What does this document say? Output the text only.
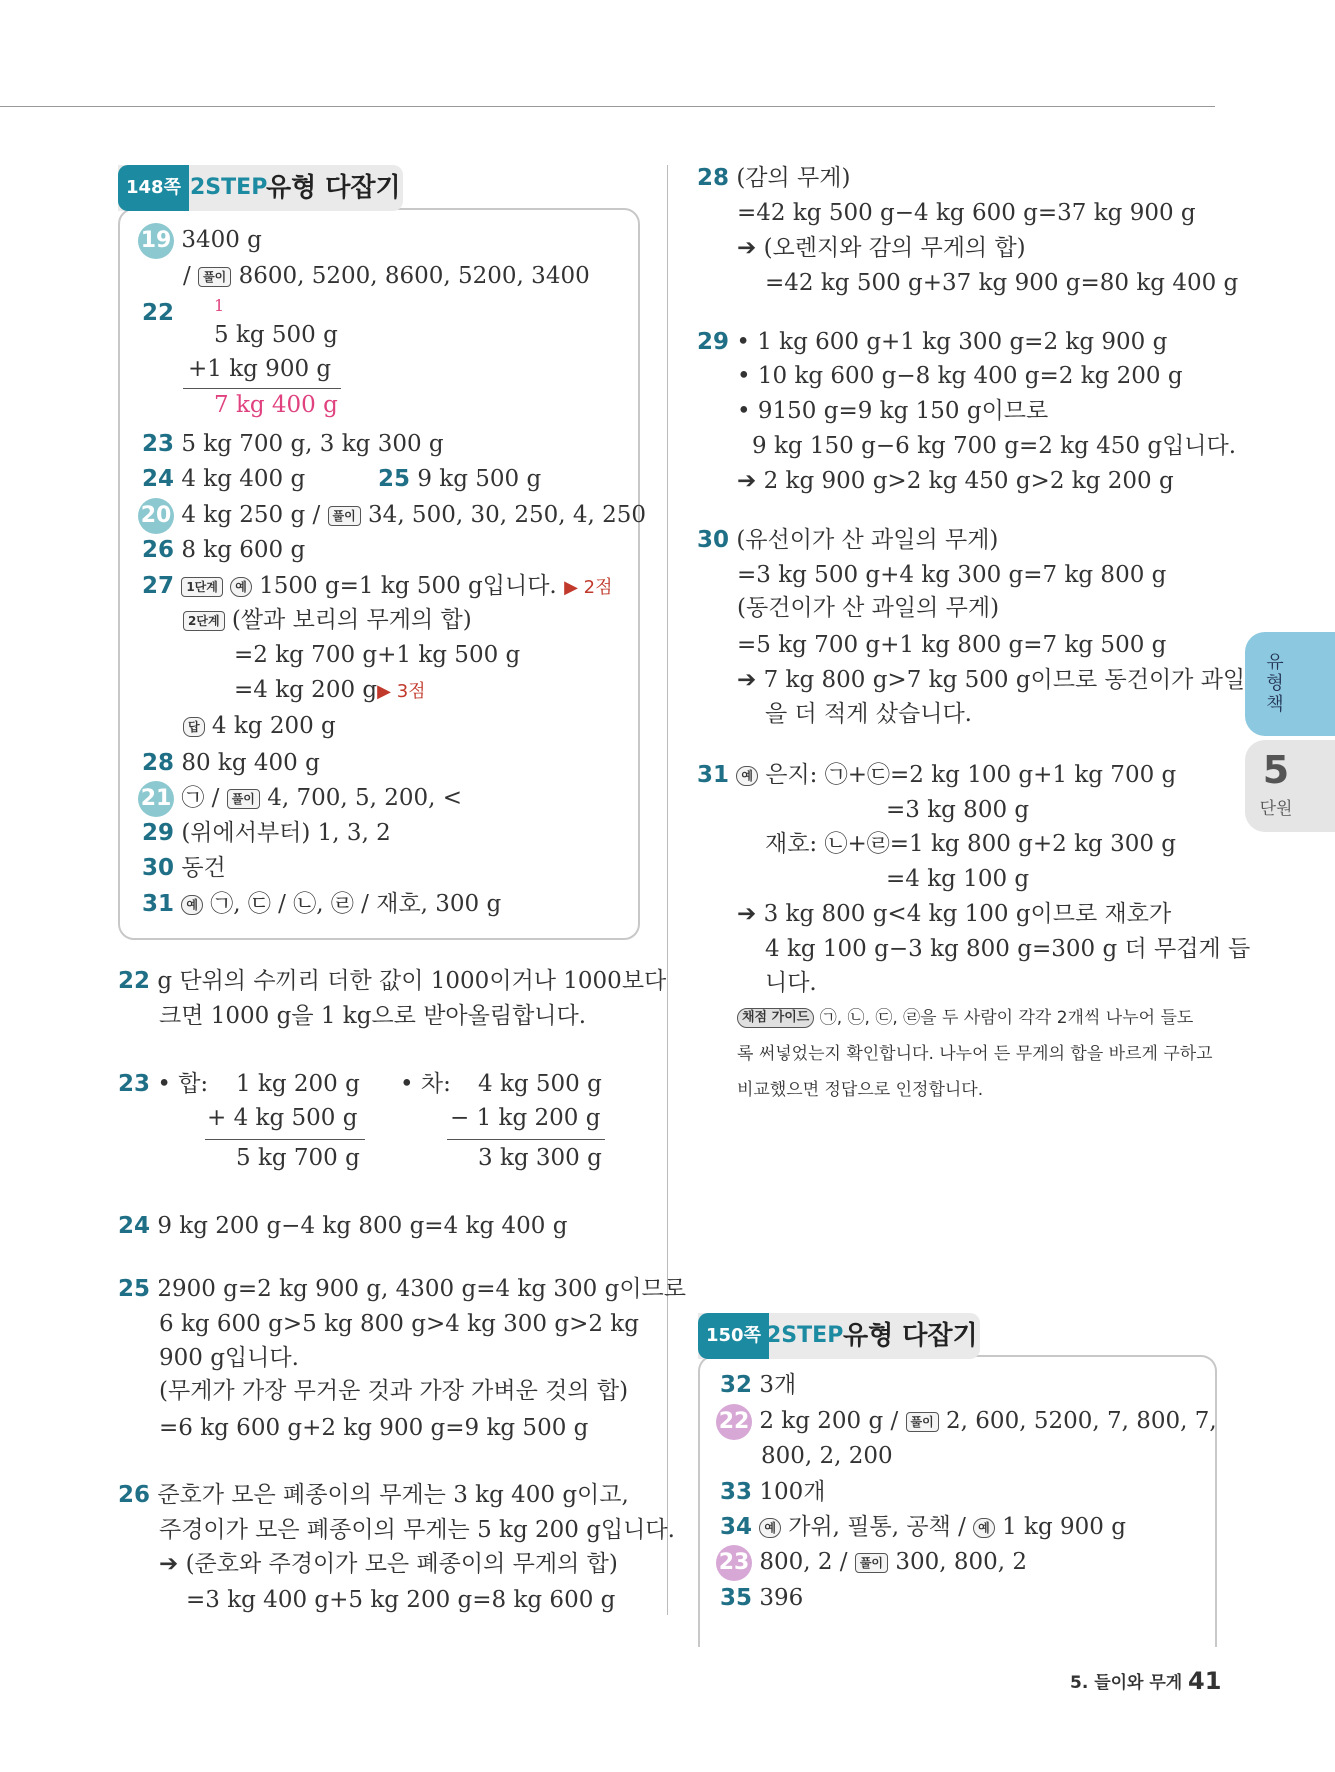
148쪽 2STEP
유형 다잡기
19 3400 g
/ 풀이 8600, 5200, 8600, 5200, 3400
22 1
5 kg 500 g
+1 kg 900 g
7 kg 400 g
23 5 kg 700 g, 3 kg 300 g
24 4 kg 400 g	25 9 kg 500 g
20 4 kg 250 g / 풀이 34, 500, 30, 250, 4, 250
26 8 kg 600 g
27 1단계 예 1500 g=1 kg 500 g입니다. ▶ 2점
2단계 (쌀과 보리의 무게의 합)
=2 kg 700 g+1 kg 500 g
=4 kg 200 g▶ 3점
답 4 kg 200 g
28 80 kg 400 g
21 ㉠ / 풀이 4, 700, 5, 200, <
29 (위에서부터) 1, 3, 2
30 동건
31 예 ㉠, ㉢ / ㉡, ㉣ / 재호, 300 g
22 g 단위의 수끼리 더한 값이 1000이거나 1000보다
크면 1000 g을 1 kg으로 받아올림합니다.
23 • 합: 1 kg 200 g
+ 4 kg 500 g
5 kg 700 g
• 차: 4 kg 500 g
− 1 kg 200 g
3 kg 300 g
24 9 kg 200 g−4 kg 800 g=4 kg 400 g
25 2900 g=2 kg 900 g, 4300 g=4 kg 300 g이므로
6 kg 600 g>5 kg 800 g>4 kg 300 g>2 kg
900 g입니다.
(무게가 가장 무거운 것과 가장 가벼운 것의 합)
=6 kg 600 g+2 kg 900 g=9 kg 500 g
26 준호가 모은 폐종이의 무게는 3 kg 400 g이고,
주경이가 모은 폐종이의 무게는 5 kg 200 g입니다.
➔ (준호와 주경이가 모은 폐종이의 무게의 합)
=3 kg 400 g+5 kg 200 g=8 kg 600 g
28 (감의 무게)
=42 kg 500 g−4 kg 600 g=37 kg 900 g
➔ (오렌지와 감의 무게의 합)
=42 kg 500 g+37 kg 900 g=80 kg 400 g
29 • 1 kg 600 g+1 kg 300 g=2 kg 900 g
• 10 kg 600 g−8 kg 400 g=2 kg 200 g
• 9150 g=9 kg 150 g이므로
9 kg 150 g−6 kg 700 g=2 kg 450 g입니다.
➔ 2 kg 900 g>2 kg 450 g>2 kg 200 g
30 (유선이가 산 과일의 무게)
=3 kg 500 g+4 kg 300 g=7 kg 800 g
(동건이가 산 과일의 무게)
=5 kg 700 g+1 kg 800 g=7 kg 500 g
➔ 7 kg 800 g>7 kg 500 g이므로 동건이가 과일
을 더 적게 샀습니다.
31 예 은지: ㉠+㉢=2 kg 100 g+1 kg 700 g
=3 kg 800 g
재호: ㉡+㉣=1 kg 800 g+2 kg 300 g
=4 kg 100 g
➔ 3 kg 800 g<4 kg 100 g이므로 재호가
4 kg 100 g−3 kg 800 g=300 g 더 무겁게 듭
니다.
채점 가이드 ㉠, ㉡, ㉢, ㉣을 두 사람이 각각 2개씩 나누어 들도
록 써넣었는지 확인합니다. 나누어 든 무게의 합을 바르게 구하고
비교했으면 정답으로 인정합니다.
150쪽 2STEP 유형 다잡기
32 3개
22 2 kg 200 g / 풀이 2, 600, 5200, 7, 800, 7,
800, 2, 200
33 100개
34 예 가위, 필통, 공책 / 예 1 kg 900 g
23 800, 2 / 풀이 300, 800, 2
35 396
유
형
책
5
단원
5. 들이와 무게 41
